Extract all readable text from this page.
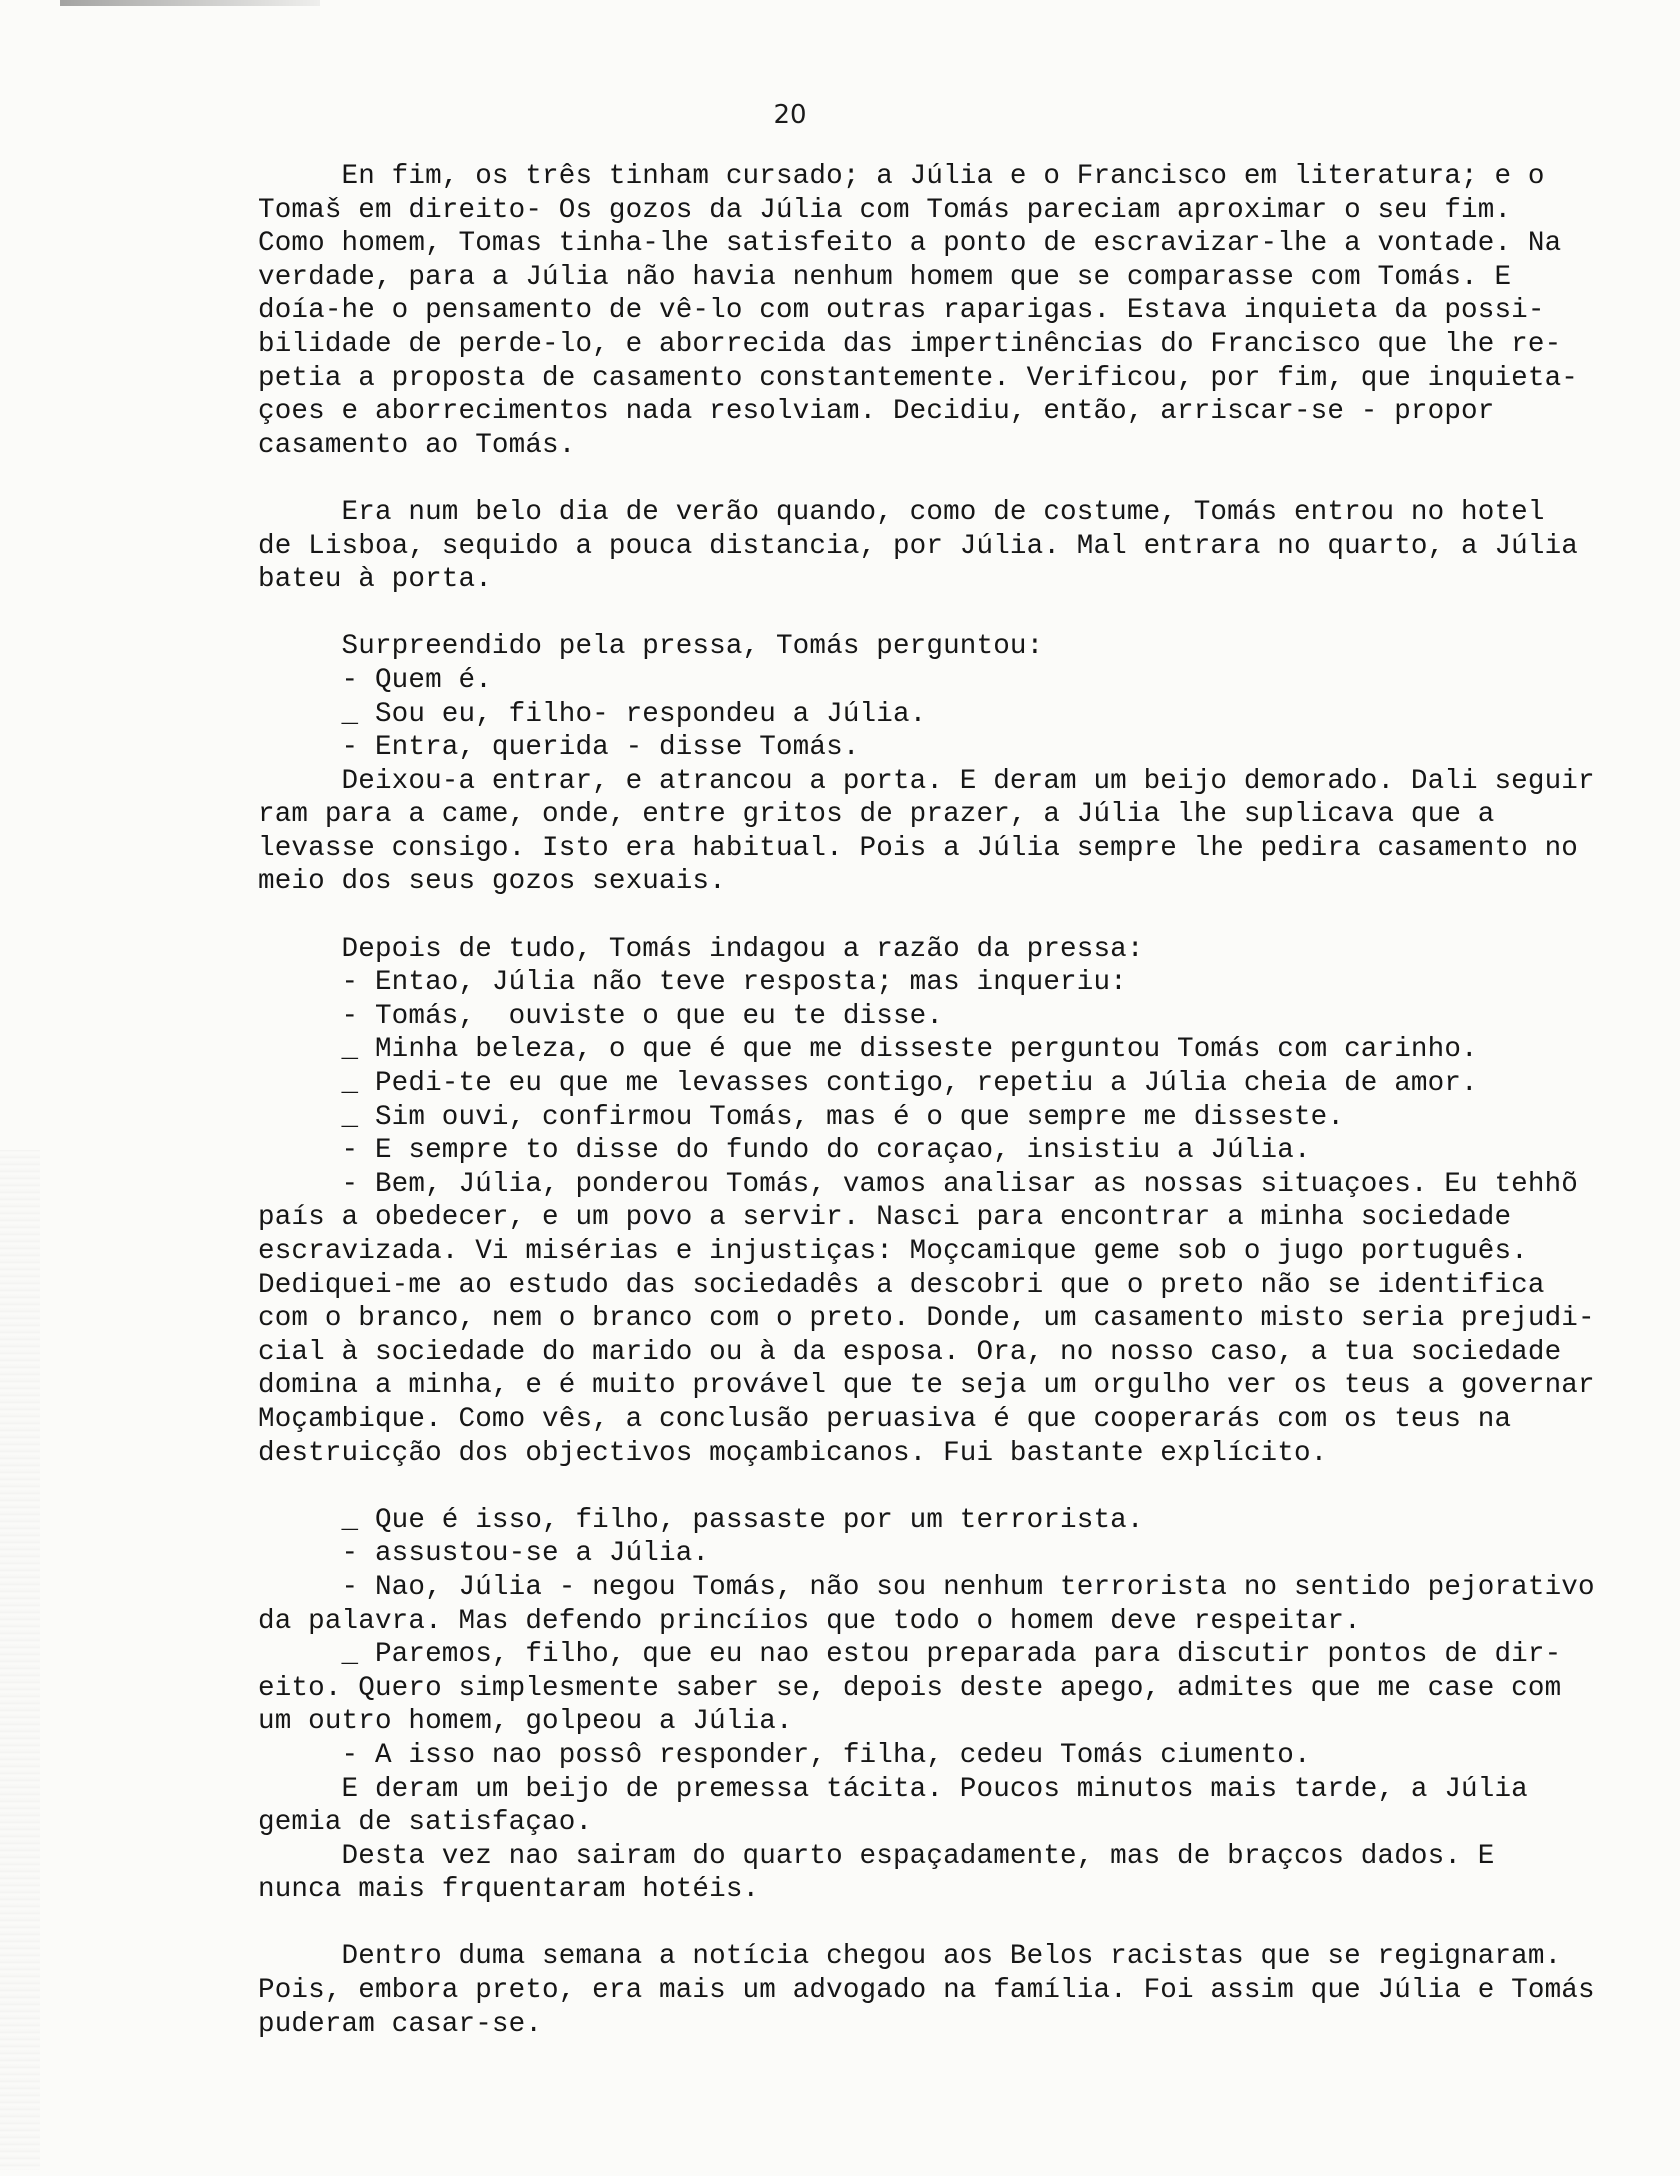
20
En fim, os três tinham cursado; a Júlia e o Francisco em literatura; e o
Tomaš em direito- Os gozos da Júlia com Tomás pareciam aproximar o seu fim.
Como homem, Tomas tinha-lhe satisfeito a ponto de escravizar-lhe a vontade. Na
verdade, para a Júlia não havia nenhum homem que se comparasse com Tomás. E
doía-he o pensamento de vê-lo com outras raparigas. Estava inquieta da possi-
bilidade de perde-lo, e aborrecida das impertinências do Francisco que lhe re-
petia a proposta de casamento constantemente. Verificou, por fim, que inquieta-
çoes e aborrecimentos nada resolviam. Decidiu, então, arriscar-se - propor
casamento ao Tomás.
Era num belo dia de verão quando, como de costume, Tomás entrou no hotel
de Lisboa, sequido a pouca distancia, por Júlia. Mal entrara no quarto, a Júlia
bateu à porta.
Surpreendido pela pressa, Tomás perguntou:
- Quem é.
_ Sou eu, filho- respondeu a Júlia.
- Entra, querida - disse Tomás.
Deixou-a entrar, e atrancou a porta. E deram um beijo demorado. Dali seguir
ram para a came, onde, entre gritos de prazer, a Júlia lhe suplicava que a
levasse consigo. Isto era habitual. Pois a Júlia sempre lhe pedira casamento no
meio dos seus gozos sexuais.
Depois de tudo, Tomás indagou a razão da pressa:
- Entao, Júlia não teve resposta; mas inqueriu:
- Tomás,  ouviste o que eu te disse.
_ Minha beleza, o que é que me disseste perguntou Tomás com carinho.
_ Pedi-te eu que me levasses contigo, repetiu a Júlia cheia de amor.
_ Sim ouvi, confirmou Tomás, mas é o que sempre me disseste.
- E sempre to disse do fundo do coraçao, insistiu a Júlia.
- Bem, Júlia, ponderou Tomás, vamos analisar as nossas situaçoes. Eu tehhõ
país a obedecer, e um povo a servir. Nasci para encontrar a minha sociedade
escravizada. Vi misérias e injustiças: Moçcamique geme sob o jugo português.
Dediquei-me ao estudo das sociedadês a descobri que o preto não se identifica
com o branco, nem o branco com o preto. Donde, um casamento misto seria prejudi-
cial à sociedade do marido ou à da esposa. Ora, no nosso caso, a tua sociedade
domina a minha, e é muito provável que te seja um orgulho ver os teus a governar
Moçambique. Como vês, a conclusão peruasiva é que cooperarás com os teus na
destruicção dos objectivos moçambicanos. Fui bastante explícito.
_ Que é isso, filho, passaste por um terrorista.
- assustou-se a Júlia.
- Nao, Júlia - negou Tomás, não sou nenhum terrorista no sentido pejorativo
da palavra. Mas defendo princíios que todo o homem deve respeitar.
_ Paremos, filho, que eu nao estou preparada para discutir pontos de dir-
eito. Quero simplesmente saber se, depois deste apego, admites que me case com
um outro homem, golpeou a Júlia.
- A isso nao possô responder, filha, cedeu Tomás ciumento.
E deram um beijo de premessa tácita. Poucos minutos mais tarde, a Júlia
gemia de satisfaçao.
Desta vez nao sairam do quarto espaçadamente, mas de braçcos dados. E
nunca mais frquentaram hotéis.
Dentro duma semana a notícia chegou aos Belos racistas que se regignaram.
Pois, embora preto, era mais um advogado na família. Foi assim que Júlia e Tomás
puderam casar-se.
